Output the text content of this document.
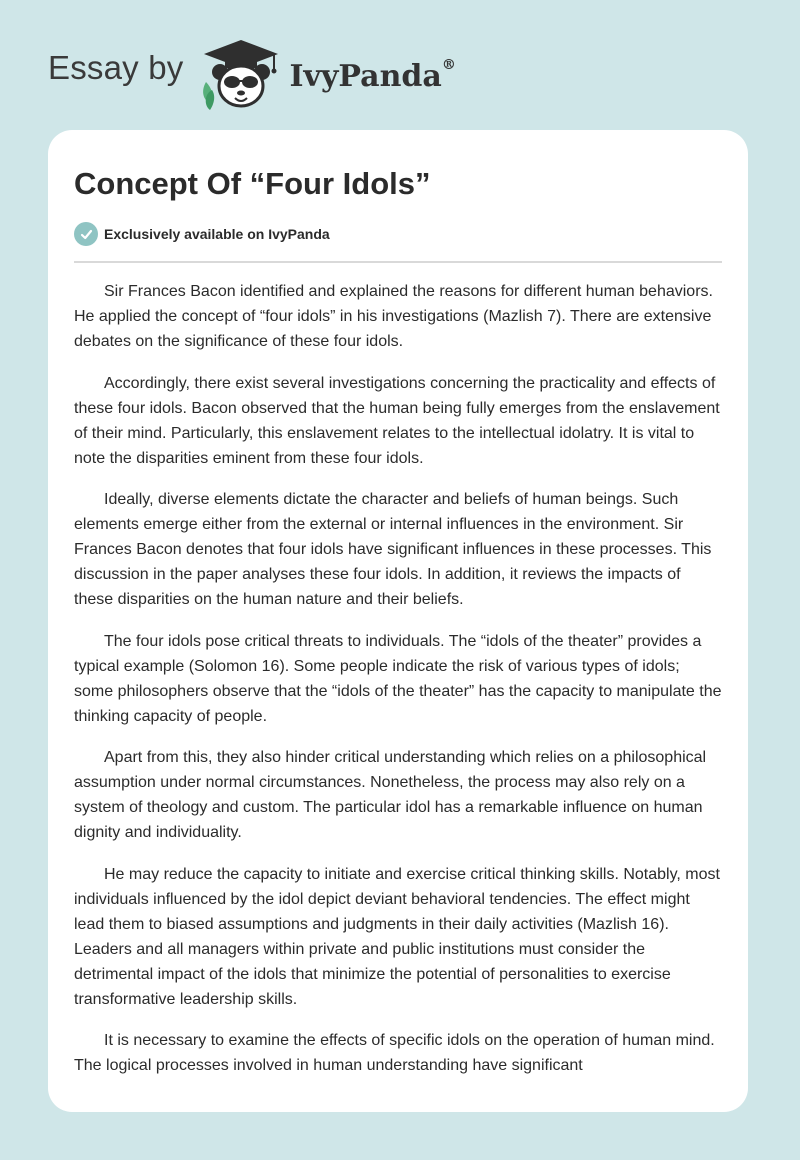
Essay by	IvyPanda®
Concept Of “Four Idols”
Exclusively available on IvyPanda

Sir Frances Bacon identified and explained the reasons for different human behaviors. He applied the concept of “four idols” in his investigations (Mazlish 7). There are extensive debates on the significance of these four idols.

Accordingly, there exist several investigations concerning the practicality and effects of these four idols. Bacon observed that the human being fully emerges from the enslavement of their mind. Particularly, this enslavement relates to the intellectual idolatry. It is vital to note the disparities eminent from these four idols.

Ideally, diverse elements dictate the character and beliefs of human beings. Such elements emerge either from the external or internal influences in the environment. Sir Frances Bacon denotes that four idols have significant influences in these processes. This discussion in the paper analyses these four idols. In addition, it reviews the impacts of these disparities on the human nature and their beliefs.

The four idols pose critical threats to individuals. The “idols of the theater” provides a typical example (Solomon 16). Some people indicate the risk of various types of idols; some philosophers observe that the “idols of the theater” has the capacity to manipulate the thinking capacity of people.

Apart from this, they also hinder critical understanding which relies on a philosophical assumption under normal circumstances. Nonetheless, the process may also rely on a system of theology and custom. The particular idol has a remarkable influence on human dignity and individuality.

He may reduce the capacity to initiate and exercise critical thinking skills. Notably, most individuals influenced by the idol depict deviant behavioral tendencies. The effect might lead them to biased assumptions and judgments in their daily activities (Mazlish 16). Leaders and all managers within private and public institutions must consider the detrimental impact of the idols that minimize the potential of personalities to exercise transformative leadership skills.

It is necessary to examine the effects of specific idols on the operation of human mind. The logical processes involved in human understanding have significant
